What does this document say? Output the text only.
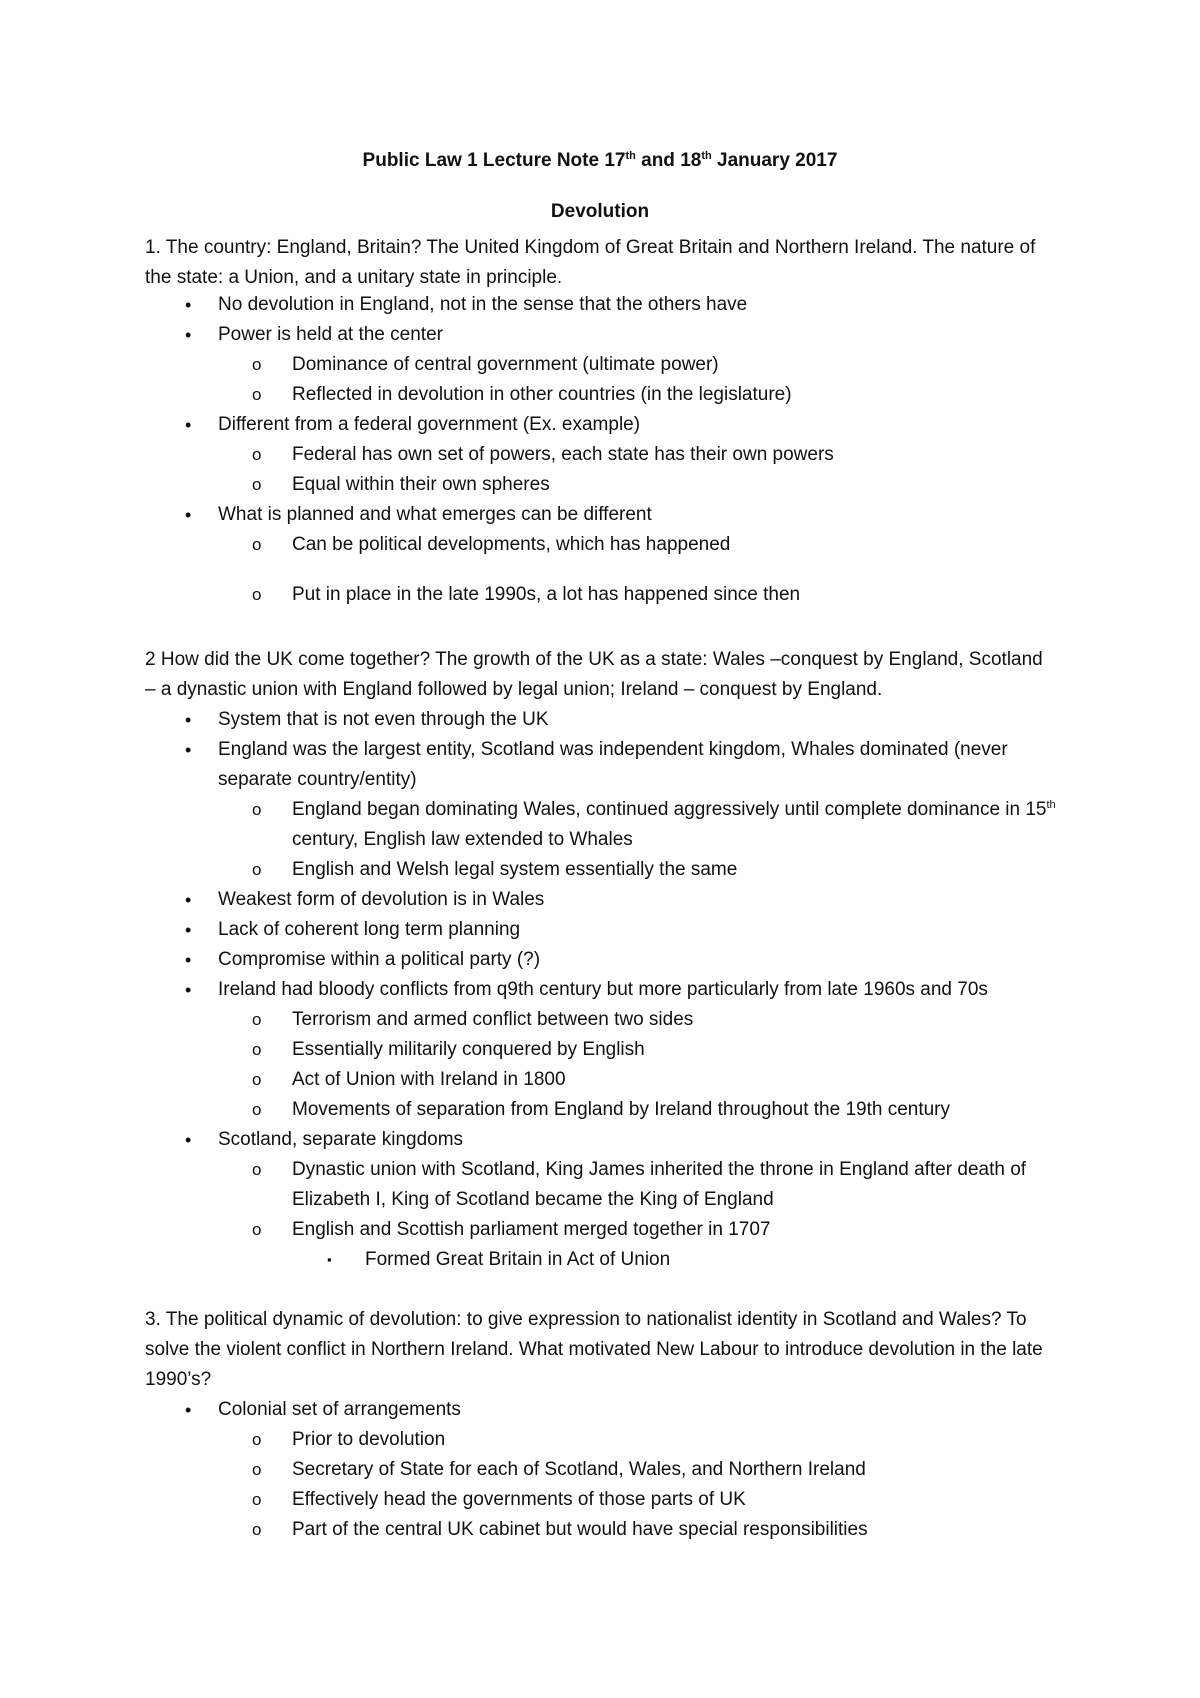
Public Law 1 Lecture Note 17th and 18th January 2017
Devolution
1. The country: England, Britain? The United Kingdom of Great Britain and Northern Ireland. The nature of the state: a Union, and a unitary state in principle.
•	No devolution in England, not in the sense that the others have
•	Power is held at the center
o	Dominance of central government (ultimate power)
o	Reflected in devolution in other countries (in the legislature)
•	Different from a federal government (Ex. example)
o	Federal has own set of powers, each state has their own powers
o	Equal within their own spheres
•	What is planned and what emerges can be different
o	Can be political developments, which has happened
o	Put in place in the late 1990s, a lot has happened since then
2 How did the UK come together? The growth of the UK as a state: Wales –conquest by England, Scotland – a dynastic union with England followed by legal union; Ireland – conquest by England.
•	System that is not even through the UK
•	England was the largest entity, Scotland was independent kingdom, Whales dominated (never separate country/entity)
o	England began dominating Wales, continued aggressively until complete dominance in 15th century, English law extended to Whales
o	English and Welsh legal system essentially the same
•	Weakest form of devolution is in Wales
•	Lack of coherent long term planning
•	Compromise within a political party (?)
•	Ireland had bloody conflicts from q9th century but more particularly from late 1960s and 70s
o	Terrorism and armed conflict between two sides
o	Essentially militarily conquered by English
o	Act of Union with Ireland in 1800
o	Movements of separation from England by Ireland throughout the 19th century
•	Scotland, separate kingdoms
o	Dynastic union with Scotland, King James inherited the throne in England after death of Elizabeth I, King of Scotland became the King of England
o	English and Scottish parliament merged together in 1707
▪	Formed Great Britain in Act of Union
3. The political dynamic of devolution: to give expression to nationalist identity in Scotland and Wales? To solve the violent conflict in Northern Ireland. What motivated New Labour to introduce devolution in the late 1990’s?
•	Colonial set of arrangements
o	Prior to devolution
o	Secretary of State for each of Scotland, Wales, and Northern Ireland
o	Effectively head the governments of those parts of UK
o	Part of the central UK cabinet but would have special responsibilities
